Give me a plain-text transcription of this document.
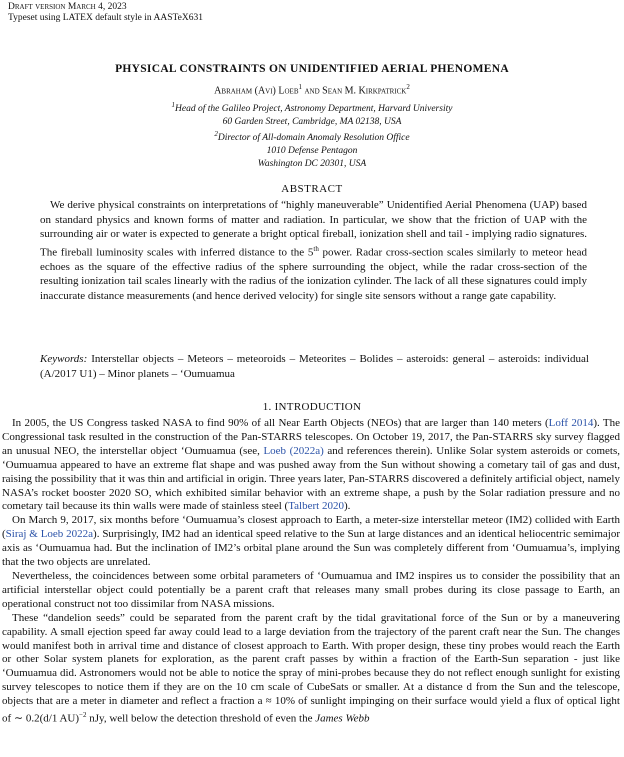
Draft version March 4, 2023
Typeset using LATEX default style in AASTeX631
PHYSICAL CONSTRAINTS ON UNIDENTIFIED AERIAL PHENOMENA
Abraham (Avi) Loeb$^1$ and Sean M. Kirkpatrick$^2$
$^1$Head of the Galileo Project, Astronomy Department, Harvard University
60 Garden Street, Cambridge, MA 02138, USA
$^2$Director of All-domain Anomaly Resolution Office
1010 Defense Pentagon
Washington DC 20301, USA
ABSTRACT

We derive physical constraints on interpretations of “highly maneuverable” Unidentified Aerial Phenomena (UAP) based on standard physics and known forms of matter and radiation. In particular, we show that the friction of UAP with the surrounding air or water is expected to generate a bright optical fireball, ionization shell and tail - implying radio signatures. The fireball luminosity scales with inferred distance to the 5th power. Radar cross-section scales similarly to meteor head echoes as the square of the effective radius of the sphere surrounding the object, while the radar cross-section of the resulting ionization tail scales linearly with the radius of the ionization cylinder. The lack of all these signatures could imply inaccurate distance measurements (and hence derived velocity) for single site sensors without a range gate capability.

Keywords: Interstellar objects – Meteors – meteoroids – Meteorites – Bolides – asteroids: general – asteroids: individual (A/2017 U1) – Minor planets – ‘Oumuamua

1. INTRODUCTION

In 2005, the US Congress tasked NASA to find 90% of all Near Earth Objects (NEOs) that are larger than 140 meters (Loff 2014). The Congressional task resulted in the construction of the Pan-STARRS telescopes. On October 19, 2017, the Pan-STARRS sky survey flagged an unusual NEO, the interstellar object ‘Oumuamua (see, Loeb (2022a) and references therein). Unlike Solar system asteroids or comets, ‘Oumuamua appeared to have an extreme flat shape and was pushed away from the Sun without showing a cometary tail of gas and dust, raising the possibility that it was thin and artificial in origin. Three years later, Pan-STARRS discovered a definitely artificial object, namely NASA’s rocket booster 2020 SO, which exhibited similar behavior with an extreme shape, a push by the Solar radiation pressure and no cometary tail because its thin walls were made of stainless steel (Talbert 2020).

On March 9, 2017, six months before ‘Oumuamua’s closest approach to Earth, a meter-size interstellar meteor (IM2) collided with Earth (Siraj & Loeb 2022a). Surprisingly, IM2 had an identical speed relative to the Sun at large distances and an identical heliocentric semimajor axis as ‘Oumuamua had. But the inclination of IM2’s orbital plane around the Sun was completely different from ‘Oumuamua’s, implying that the two objects are unrelated.

Nevertheless, the coincidences between some orbital parameters of ‘Oumuamua and IM2 inspires us to consider the possibility that an artificial interstellar object could potentially be a parent craft that releases many small probes during its close passage to Earth, an operational construct not too dissimilar from NASA missions.

These “dandelion seeds” could be separated from the parent craft by the tidal gravitational force of the Sun or by a maneuvering capability. A small ejection speed far away could lead to a large deviation from the trajectory of the parent craft near the Sun. The changes would manifest both in arrival time and distance of closest approach to Earth. With proper design, these tiny probes would reach the Earth or other Solar system planets for exploration, as the parent craft passes by within a fraction of the Earth-Sun separation - just like ‘Oumuamua did. Astronomers would not be able to notice the spray of mini-probes because they do not reflect enough sunlight for existing survey telescopes to notice them if they are on the 10 cm scale of CubeSats or smaller. At a distance d from the Sun and the telescope, objects that are a meter in diameter and reflect a fraction a ≈ 10% of sunlight impinging on their surface would yield a flux of optical light of ∼ 0.2(d/1 AU)$^{-2}$ nJy, well below the detection threshold of even the James Webb
